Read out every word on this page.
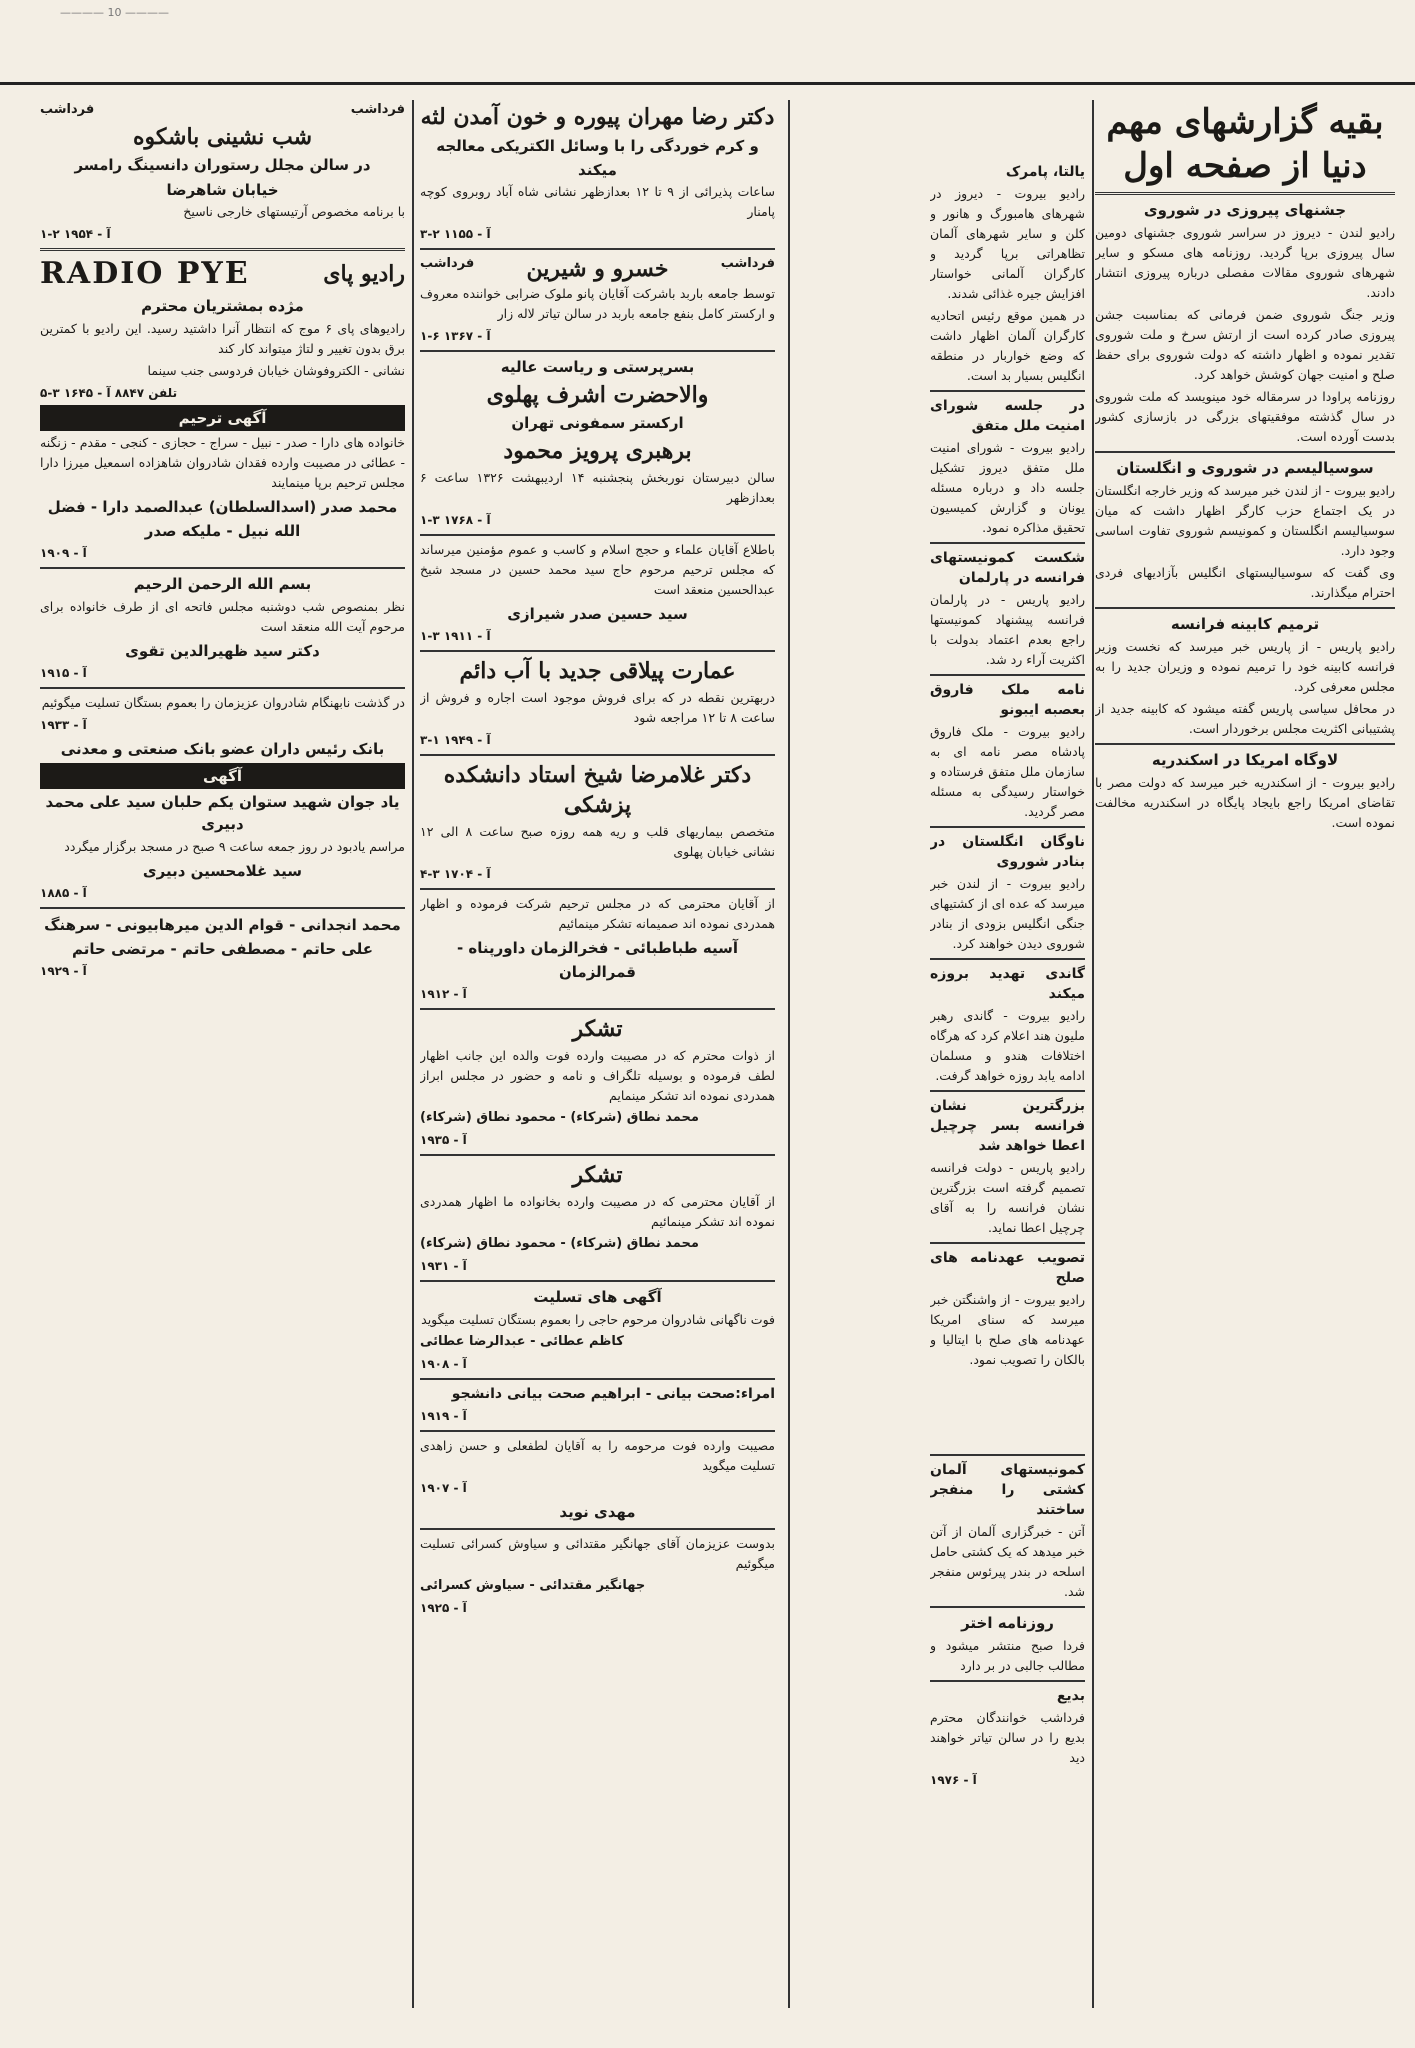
———— 10 ————
بقیه گزارشهای مهم دنیا از صفحه اول
جشنهای پیروزی در شوروی

رادیو لندن - دیروز در سراسر شوروی جشنهای دومین سال پیروزی برپا گردید. روزنامه های مسکو و سایر شهرهای شوروی مقالات مفصلی درباره پیروزی انتشار دادند.

وزیر جنگ شوروی ضمن فرمانی که بمناسبت جشن پیروزی صادر کرده است از ارتش سرخ و ملت شوروی تقدیر نموده و اظهار داشته که دولت شوروی برای حفظ صلح و امنیت جهان کوشش خواهد کرد.

روزنامه پراودا در سرمقاله خود مینویسد که ملت شوروی در سال گذشته موفقیتهای بزرگی در بازسازی کشور بدست آورده است.

سوسیالیسم در شوروی و انگلستان

رادیو بیروت - از لندن خبر میرسد که وزیر خارجه انگلستان در یک اجتماع حزب کارگر اظهار داشت که میان سوسیالیسم انگلستان و کمونیسم شوروی تفاوت اساسی وجود دارد.

وی گفت که سوسیالیستهای انگلیس بآزادیهای فردی احترام میگذارند.

ترمیم کابینه فرانسه

رادیو پاریس - از پاریس خبر میرسد که نخست وزیر فرانسه کابینه خود را ترمیم نموده و وزیران جدید را به مجلس معرفی کرد.

در محافل سیاسی پاریس گفته میشود که کابینه جدید از پشتیبانی اکثریت مجلس برخوردار است.

لاوگاه امریکا در اسکندریه

رادیو بیروت - از اسکندریه خبر میرسد که دولت مصر با تقاضای امریکا راجع بایجاد پایگاه در اسکندریه مخالفت نموده است.

یالتا، پامرک

رادیو بیروت - دیروز در شهرهای هامبورگ و هانور و کلن و سایر شهرهای آلمان تظاهراتی برپا گردید و کارگران آلمانی خواستار افزایش جیره غذائی شدند.

در همین موقع رئیس اتحادیه کارگران آلمان اظهار داشت که وضع خواربار در منطقه انگلیس بسیار بد است.

در جلسه شورای امنیت ملل متفق

رادیو بیروت - شورای امنیت ملل متفق دیروز تشکیل جلسه داد و درباره مسئله یونان و گزارش کمیسیون تحقیق مذاکره نمود.

شکست کمونیستهای فرانسه در پارلمان

رادیو پاریس - در پارلمان فرانسه پیشنهاد کمونیستها راجع بعدم اعتماد بدولت با اکثریت آراء رد شد.

نامه ملک فاروق بعصبه ایبونو

رادیو بیروت - ملک فاروق پادشاه مصر نامه ای به سازمان ملل متفق فرستاده و خواستار رسیدگی به مسئله مصر گردید.

ناوگان انگلستان در بنادر شوروی

رادیو بیروت - از لندن خبر میرسد که عده ای از کشتیهای جنگی انگلیس بزودی از بنادر شوروی دیدن خواهند کرد.

گاندی تهدید بروزه میکند

رادیو بیروت - گاندی رهبر ملیون هند اعلام کرد که هرگاه اختلافات هندو و مسلمان ادامه یابد روزه خواهد گرفت.

بزرگترین نشان فرانسه بسر چرچیل اعطا خواهد شد

رادیو پاریس - دولت فرانسه تصمیم گرفته است بزرگترین نشان فرانسه را به آقای چرچیل اعطا نماید.

تصویب عهدنامه های صلح

رادیو بیروت - از واشنگتن خبر میرسد که سنای امریکا عهدنامه های صلح با ایتالیا و بالکان را تصویب نمود.

کمونیستهای آلمان کشتی را منفجر ساختند

آتن - خبرگزاری آلمان از آتن خبر میدهد که یک کشتی حامل اسلحه در بندر پیرئوس منفجر شد.

روزنامه اختر

فردا صبح منتشر میشود و مطالب جالبی در بر دارد

بدیع

فرداشب خوانندگان محترم بدیع را در سالن تیاتر خواهند دید

آ - ۱۹۷۶
دکتر رضا مهران پیوره و خون آمدن لثه
و کرم خوردگی را با وسائل الکتریکی معالجه میکند

ساعات پذیرائی از ۹ تا ۱۲ بعدازظهر نشانی شاه آباد روبروی کوچه پامنار

آ - ۱۱۵۵ ۲-۳
فرداشب
خسرو و شیرین
فرداشب

توسط جامعه باربد باشرکت آقایان پانو ملوک ضرابی خواننده معروف و ارکستر کامل بنفع جامعه باربد در سالن تیاتر لاله زار

آ - ۱۳۶۷ ۶-۱
بسرپرستی و ریاست عالیه
والاحضرت اشرف پهلوی
ارکستر سمفونی تهران
برهبری پرویز محمود

سالن دبیرستان نوربخش پنجشنبه ۱۴ اردیبهشت ۱۳۲۶ ساعت ۶ بعدازظهر

آ - ۱۷۶۸ ۳-۱

باطلاع آقایان علماء و حجج اسلام و کاسب و عموم مؤمنین میرساند که مجلس ترحیم مرحوم حاج سید محمد حسین در مسجد شیخ عبدالحسین منعقد است

سید حسین صدر شیرازی
آ - ۱۹۱۱ ۳-۱
عمارت پیلاقی جدید با آب دائم

دربهترین نقطه در که برای فروش موجود است اجاره و فروش از ساعت ۸ تا ۱۲ مراجعه شود

آ - ۱۹۴۹ ۱-۳
دکتر غلامرضا شیخ استاد دانشکده پزشکی

متخصص بیماریهای قلب و ریه همه روزه صبح ساعت ۸ الی ۱۲ نشانی خیابان پهلوی

آ - ۱۷۰۴ ۳-۴

از آقایان محترمی که در مجلس ترحیم شرکت فرموده و اظهار همدردی نموده اند صمیمانه تشکر مینمائیم

آسیه طباطبائی - فخرالزمان داورپناه - قمرالزمان
آ - ۱۹۱۲
تشکر

از ذوات محترم که در مصیبت وارده فوت والده این جانب اظهار لطف فرموده و بوسیله تلگراف و نامه و حضور در مجلس ابراز همدردی نموده اند تشکر مینمایم

محمد نطاق (شرکاء) - محمود نطاق (شرکاء)
آ - ۱۹۳۵
تشکر

از آقایان محترمی که در مصیبت وارده بخانواده ما اظهار همدردی نموده اند تشکر مینمائیم

محمد نطاق (شرکاء) - محمود نطاق (شرکاء)
آ - ۱۹۳۱
آگهی های تسلیت

فوت ناگهانی شادروان مرحوم حاجی را بعموم بستگان تسلیت میگوید

کاظم عطائی - عبدالرضا عطائی
آ - ۱۹۰۸
امراء:صحت بیانی - ابراهیم صحت بیانی دانشجو
آ - ۱۹۱۹

مصیبت وارده فوت مرحومه را به آقایان لطفعلی و حسن زاهدی تسلیت میگوید

آ - ۱۹۰۷
مهدی نوید

بدوست عزیزمان آقای جهانگیر مقتدائی و سیاوش کسرائی تسلیت میگوئیم

جهانگیر مقتدائی - سیاوش کسرائی
آ - ۱۹۲۵
فرداشب
فرداشب
شب نشینی باشکوه
در سالن مجلل رستوران دانسینگ رامسر
خیابان شاهرضا

با برنامه مخصوص آرتیستهای خارجی ناسیخ

آ - ۱۹۵۴ ۲-۱
رادیو پای
RADIO PYE
مژده بمشتریان محترم

رادیوهای پای ۶ موج که انتظار آنرا داشتید رسید. این رادیو با کمترین برق بدون تغییر و لتاژ میتواند کار کند

نشانی - الکتروفوشان خیابان فردوسی جنب سینما

تلفن ۸۸۴۷ آ - ۱۶۴۵ ۳-۵
آگهی ترحیم

خانواده های دارا - صدر - نبیل - سراج - حجازی - کنجی - مقدم - زنگنه - عطائی در مصیبت وارده فقدان شادروان شاهزاده اسمعیل میرزا دارا مجلس ترحیم برپا مینمایند

محمد صدر (اسدالسلطان) عبدالصمد دارا - فضل الله نبیل - ملیکه صدر
آ - ۱۹۰۹
بسم الله الرحمن الرحیم

نظر بمنصوص شب دوشنبه مجلس فاتحه ای از طرف خانواده برای مرحوم آیت الله منعقد است

دکتر سید ظهیرالدین تقوی
آ - ۱۹۱۵

در گذشت نابهنگام شادروان عزیزمان را بعموم بستگان تسلیت میگوئیم

آ - ۱۹۳۳
بانک رئیس داران عضو بانک صنعتی و معدنی
آگهی
یاد جوان شهید ستوان یکم حلبان سید علی محمد دبیری

مراسم یادبود در روز جمعه ساعت ۹ صبح در مسجد برگزار میگردد

سید غلامحسین دبیری
آ - ۱۸۸۵
محمد انجدانی - قوام الدین میرهابیونی - سرهنگ علی حاتم - مصطفی حاتم - مرتضی حاتم
آ - ۱۹۲۹
